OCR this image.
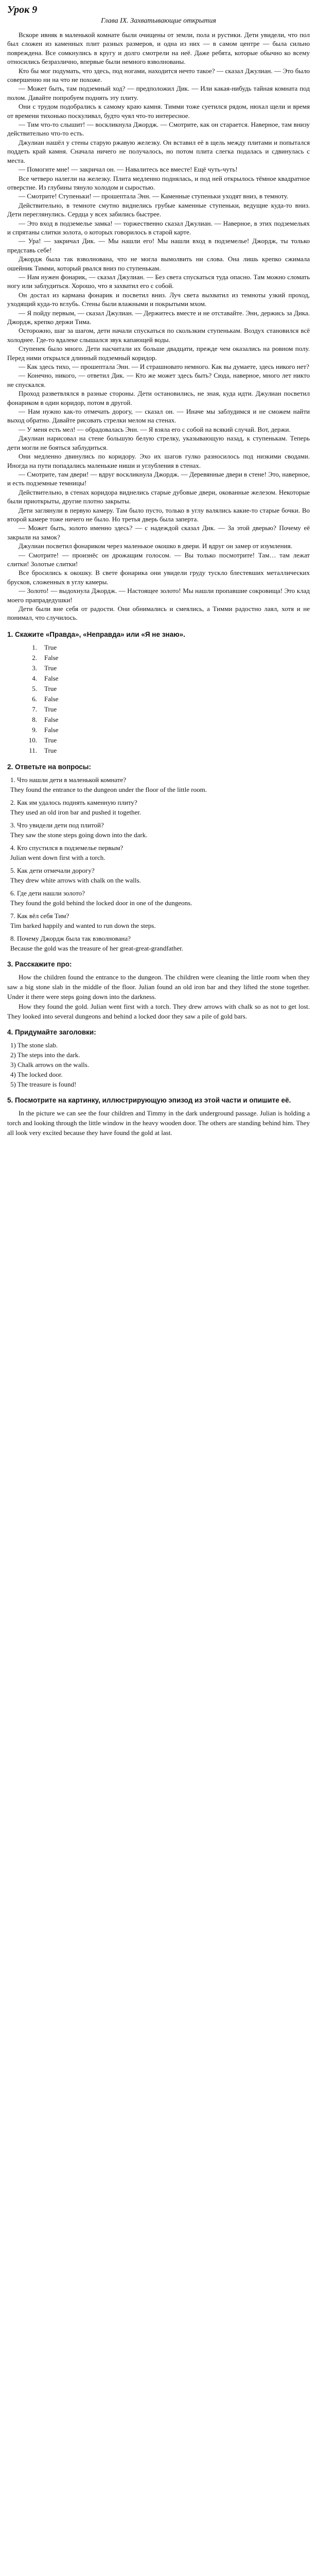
Урок 9
Глава IX. Захватывающие открытия

Вскоре ивняк в маленькой комнате были очищены от земли, пола и рустики. Дети увидели, что пол был сложен из каменных плит разных размеров, и одна из них — в самом центре — была сильно повреждена. Все сомкнулись в кругу и долго смотрели на неё. Даже ребята, которые обычно ко всему относились безразлично, впервые были немного взволнованы.

Кто бы мог подумать, что здесь, под ногами, находится нечто такое? — сказал Джулиан. — Это было совершенно ни на что не похоже.

— Может быть, там подземный ход? — предположил Дик. — Или какая-нибудь тайная комната под полом. Давайте попробуем поднять эту плиту.

Они с трудом подобрались к самому краю камня. Тимми тоже суетился рядом, нюхал щели и время от времени тихонько поскуливал, будто чуял что-то интересное.

— Тим что-то слышит! — воскликнула Джордж. — Смотрите, как он старается. Наверное, там внизу действительно что-то есть.

Джулиан нашёл у стены старую ржавую железку. Он вставил её в щель между плитами и попытался поддеть край камня. Сначала ничего не получалось, но потом плита слегка подалась и сдвинулась с места.

— Помогите мне! — закричал он. — Навалитесь все вместе! Ещё чуть-чуть!

Все четверо налегли на железку. Плита медленно поднялась, и под ней открылось тёмное квадратное отверстие. Из глубины тянуло холодом и сыростью.

— Смотрите! Ступеньки! — прошептала Энн. — Каменные ступеньки уходят вниз, в темноту.

Действительно, в темноте смутно виднелись грубые каменные ступеньки, ведущие куда-то вниз. Дети переглянулись. Сердца у всех забились быстрее.

— Это вход в подземелье замка! — торжественно сказал Джулиан. — Наверное, в этих подземельях и спрятаны слитки золота, о которых говорилось в старой карте.

— Ура! — закричал Дик. — Мы нашли его! Мы нашли вход в подземелье! Джордж, ты только представь себе!

Джордж была так взволнована, что не могла вымолвить ни слова. Она лишь крепко сжимала ошейник Тимми, который рвался вниз по ступенькам.

— Нам нужен фонарик, — сказал Джулиан. — Без света спускаться туда опасно. Там можно сломать ногу или заблудиться. Хорошо, что я захватил его с собой.

Он достал из кармана фонарик и посветил вниз. Луч света выхватил из темноты узкий проход, уходящий куда-то вглубь. Стены были влажными и покрытыми мхом.

— Я пойду первым, — сказал Джулиан. — Держитесь вместе и не отставайте. Энн, держись за Дика. Джордж, крепко держи Тима.

Осторожно, шаг за шагом, дети начали спускаться по скользким ступенькам. Воздух становился всё холоднее. Где-то вдалеке слышался звук капающей воды.

Ступенек было много. Дети насчитали их больше двадцати, прежде чем оказались на ровном полу. Перед ними открылся длинный подземный коридор.

— Как здесь тихо, — прошептала Энн. — И страшновато немного. Как вы думаете, здесь никого нет?

— Конечно, никого, — ответил Дик. — Кто же может здесь быть? Сюда, наверное, много лет никто не спускался.

Проход разветвлялся в разные стороны. Дети остановились, не зная, куда идти. Джулиан посветил фонариком в один коридор, потом в другой.

— Нам нужно как-то отмечать дорогу, — сказал он. — Иначе мы заблудимся и не сможем найти выход обратно. Давайте рисовать стрелки мелом на стенах.

— У меня есть мел! — обрадовалась Энн. — Я взяла его с собой на всякий случай. Вот, держи.

Джулиан нарисовал на стене большую белую стрелку, указывающую назад, к ступенькам. Теперь дети могли не бояться заблудиться.

Они медленно двинулись по коридору. Эхо их шагов гулко разносилось под низкими сводами. Иногда на пути попадались маленькие ниши и углубления в стенах.

— Смотрите, там двери! — вдруг воскликнула Джордж. — Деревянные двери в стене! Это, наверное, и есть подземные темницы!

Действительно, в стенах коридора виднелись старые дубовые двери, окованные железом. Некоторые были приоткрыты, другие плотно закрыты.

Дети заглянули в первую камеру. Там было пусто, только в углу валялись какие-то старые бочки. Во второй камере тоже ничего не было. Но третья дверь была заперта.

— Может быть, золото именно здесь? — с надеждой сказал Дик. — За этой дверью? Почему её закрыли на замок?

Джулиан посветил фонариком через маленькое окошко в двери. И вдруг он замер от изумления.

— Смотрите! — произнёс он дрожащим голосом. — Вы только посмотрите! Там… там лежат слитки! Золотые слитки!

Все бросились к окошку. В свете фонарика они увидели груду тускло блестевших металлических брусков, сложенных в углу камеры.

— Золото! — выдохнула Джордж. — Настоящее золото! Мы нашли пропавшие сокровища! Это клад моего прапрадедушки!

Дети были вне себя от радости. Они обнимались и смеялись, а Тимми радостно лаял, хотя и не понимал, что случилось.

1. Скажите «Правда», «Неправда» или «Я не знаю».
1. True
2. False
3. True
4. False
5. True
6. False
7. True
8. False
9. False
10. True
11. True
2. Ответьте на вопросы:

1. Что нашли дети в маленькой комнате?

They found the entrance to the dungeon under the floor of the little room.

2. Как им удалось поднять каменную плиту?

They used an old iron bar and pushed it together.

3. Что увидели дети под плитой?

They saw the stone steps going down into the dark.

4. Кто спустился в подземелье первым?

Julian went down first with a torch.

5. Как дети отмечали дорогу?

They drew white arrows with chalk on the walls.

6. Где дети нашли золото?

They found the gold behind the locked door in one of the dungeons.

7. Как вёл себя Тим?

Tim barked happily and wanted to run down the steps.

8. Почему Джордж была так взволнована?

Because the gold was the treasure of her great-great-grandfather.

3. Расскажите про:

How the children found the entrance to the dungeon. The children were cleaning the little room when they saw a big stone slab in the middle of the floor. Julian found an old iron bar and they lifted the stone together. Under it there were steps going down into the darkness.

How they found the gold. Julian went first with a torch. They drew arrows with chalk so as not to get lost. They looked into several dungeons and behind a locked door they saw a pile of gold bars.

4. Придумайте заголовки:
1) The stone slab.
2) The steps into the dark.
3) Chalk arrows on the walls.
4) The locked door.
5) The treasure is found!
5. Посмотрите на картинку, иллюстрирующую эпизод из этой части и опишите её.

In the picture we can see the four children and Timmy in the dark underground passage. Julian is holding a torch and looking through the little window in the heavy wooden door. The others are standing behind him. They all look very excited because they have found the gold at last.
